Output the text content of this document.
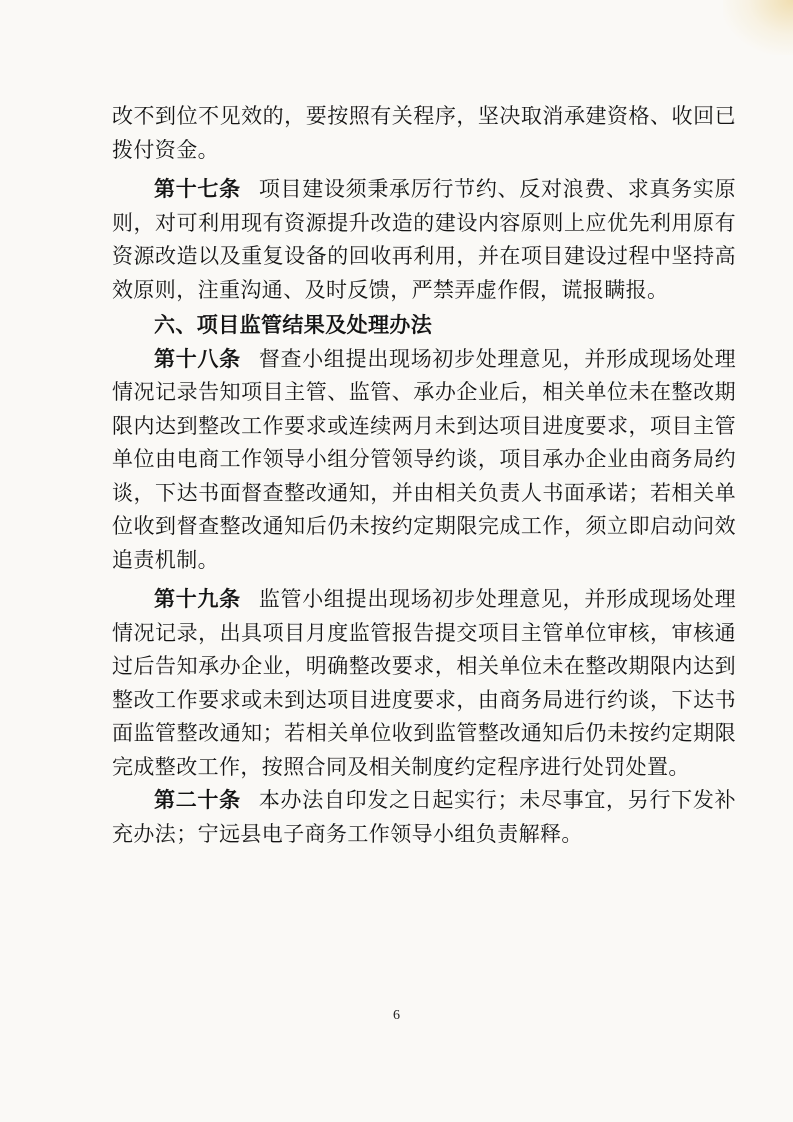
改不到位不见效的，要按照有关程序，坚决取消承建资格、收回已拨付资金。

第十七条 项目建设须秉承厉行节约、反对浪费、求真务实原则，对可利用现有资源提升改造的建设内容原则上应优先利用原有资源改造以及重复设备的回收再利用，并在项目建设过程中坚持高效原则，注重沟通、及时反馈，严禁弄虚作假，谎报瞒报。

六、项目监管结果及处理办法

第十八条 督查小组提出现场初步处理意见，并形成现场处理情况记录告知项目主管、监管、承办企业后，相关单位未在整改期限内达到整改工作要求或连续两月未到达项目进度要求，项目主管单位由电商工作领导小组分管领导约谈，项目承办企业由商务局约谈，下达书面督查整改通知，并由相关负责人书面承诺；若相关单位收到督查整改通知后仍未按约定期限完成工作，须立即启动问效追责机制。

第十九条 监管小组提出现场初步处理意见，并形成现场处理情况记录，出具项目月度监管报告提交项目主管单位审核，审核通过后告知承办企业，明确整改要求，相关单位未在整改期限内达到整改工作要求或未到达项目进度要求，由商务局进行约谈，下达书面监管整改通知；若相关单位收到监管整改通知后仍未按约定期限完成整改工作，按照合同及相关制度约定程序进行处罚处置。

第二十条 本办法自印发之日起实行；未尽事宜，另行下发补充办法；宁远县电子商务工作领导小组负责解释。

6
